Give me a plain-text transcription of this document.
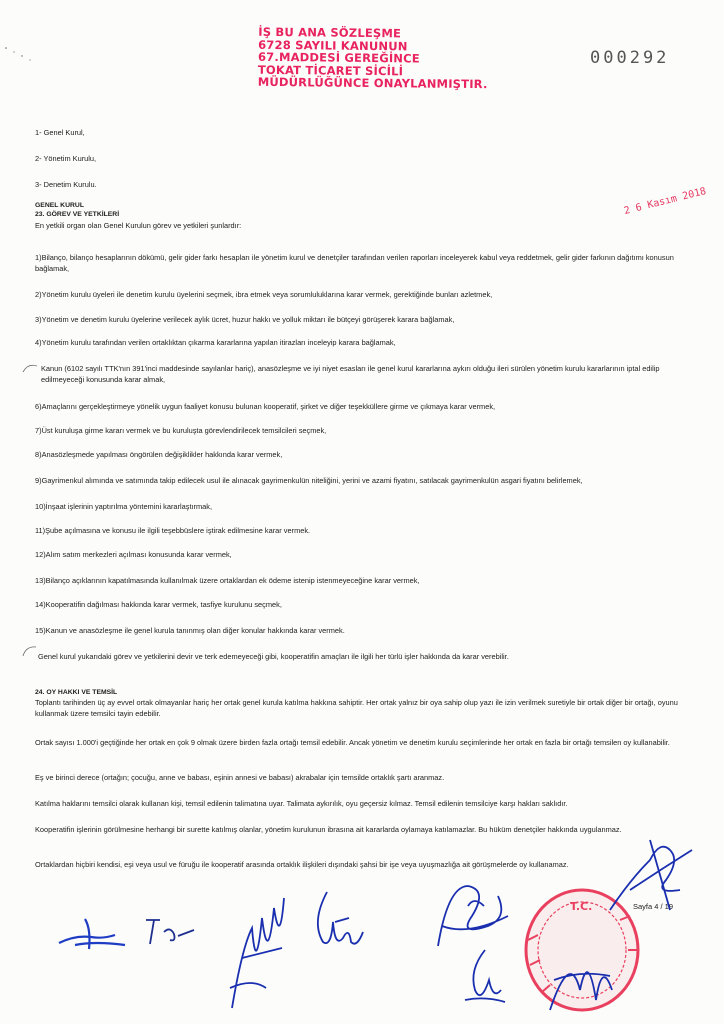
İŞ BU ANA SÖZLEŞME
6728 SAYILI KANUNUN
67.MADDESİ GEREĞİNCE
TOKAT TİCARET SİCİLİ
MÜDÜRLÜĞÜNCE ONAYLANMIŞTIR.
000292
2 6 Kasım 2018
1- Genel Kurul,
2- Yönetim Kurulu,
3- Denetim Kurulu.
GENEL KURUL
23. GÖREV VE YETKİLERİ
En yetkili organ olan Genel Kurulun görev ve yetkileri şunlardır:
1)Bilanço, bilanço hesaplarının dökümü, gelir gider farkı hesapları ile yönetim kurul ve denetçiler tarafından verilen raporları inceleyerek kabul veya reddetmek, gelir gider farkının dağıtımı konusun bağlamak,
2)Yönetim kurulu üyeleri ile denetim kurulu üyelerini seçmek, ibra etmek veya sorumluluklarına karar vermek, gerektiğinde bunları azletmek,
3)Yönetim ve denetim kurulu üyelerine verilecek aylık ücret, huzur hakkı ve yolluk miktarı ile bütçeyi görüşerek karara bağlamak,
4)Yönetim kurulu tarafından verilen ortaklıktan çıkarma kararlarına yapılan itirazları inceleyip karara bağlamak,
Kanun (6102 sayılı TTK'nın 391'inci maddesinde sayılanlar hariç), anasözleşme ve iyi niyet esasları ile genel kurul kararlarına aykırı olduğu ileri sürülen yönetim kurulu kararlarının iptal edilip edilmeyeceği konusunda karar almak,
6)Amaçlarını gerçekleştirmeye yönelik uygun faaliyet konusu bulunan kooperatif, şirket ve diğer teşekküllere girme ve çıkmaya karar vermek,
7)Üst kuruluşa girme kararı vermek ve bu kuruluşta görevlendirilecek temsilcileri seçmek,
8)Anasözleşmede yapılması öngörülen değişiklikler hakkında karar vermek,
9)Gayrimenkul alımında ve satımında takip edilecek usul ile alınacak gayrimenkulün niteliğini, yerini ve azami fiyatını, satılacak gayrimenkulün asgari fiyatını belirlemek,
10)İnşaat işlerinin yaptırılma yöntemini kararlaştırmak,
11)Şube açılmasına ve konusu ile ilgili teşebbüslere iştirak edilmesine karar vermek.
12)Alım satım merkezleri açılması konusunda karar vermek,
13)Bilanço açıklarının kapatılmasında kullanılmak üzere ortaklardan ek ödeme istenip istenmeyeceğine karar vermek,
14)Kooperatifin dağılması hakkında karar vermek, tasfiye kurulunu seçmek,
15)Kanun ve anasözleşme ile genel kurula tanınmış olan diğer konular hakkında karar vermek.
Genel kurul yukarıdaki görev ve yetkilerini devir ve terk edemeyeceği gibi, kooperatifin amaçları ile ilgili her türlü işler hakkında da karar verebilir.
24. OY HAKKI VE TEMSİL
Toplantı tarihinden üç ay evvel ortak olmayanlar hariç her ortak genel kurula katılma hakkına sahiptir. Her ortak yalnız bir oya sahip olup yazı ile izin verilmek suretiyle bir ortak diğer bir ortağı, oyunu kullanmak üzere temsilci tayin edebilir.
Ortak sayısı 1.000'i geçtiğinde her ortak en çok 9 olmak üzere birden fazla ortağı temsil edebilir. Ancak yönetim ve denetim kurulu seçimlerinde her ortak en fazla bir ortağı temsilen oy kullanabilir.
Eş ve birinci derece (ortağın; çocuğu, anne ve babası, eşinin annesi ve babası) akrabalar için temsilde ortaklık şartı aranmaz.
Katılma haklarını temsilci olarak kullanan kişi, temsil edilenin talimatına uyar. Talimata aykırılık, oyu geçersiz kılmaz. Temsil edilenin temsilciye karşı hakları saklıdır.
Kooperatifin işlerinin görülmesine herhangi bir surette katılmış olanlar, yönetim kurulunun ibrasına ait kararlarda oylamaya katılamazlar. Bu hüküm denetçiler hakkında uygulanmaz.
Ortaklardan hiçbiri kendisi, eşi veya usul ve füruğu ile kooperatif arasında ortaklık ilişkileri dışındaki şahsi bir işe veya uyuşmazlığa ait görüşmelerde oy kullanamaz.
T.C.	Sayfa 4 / 19
